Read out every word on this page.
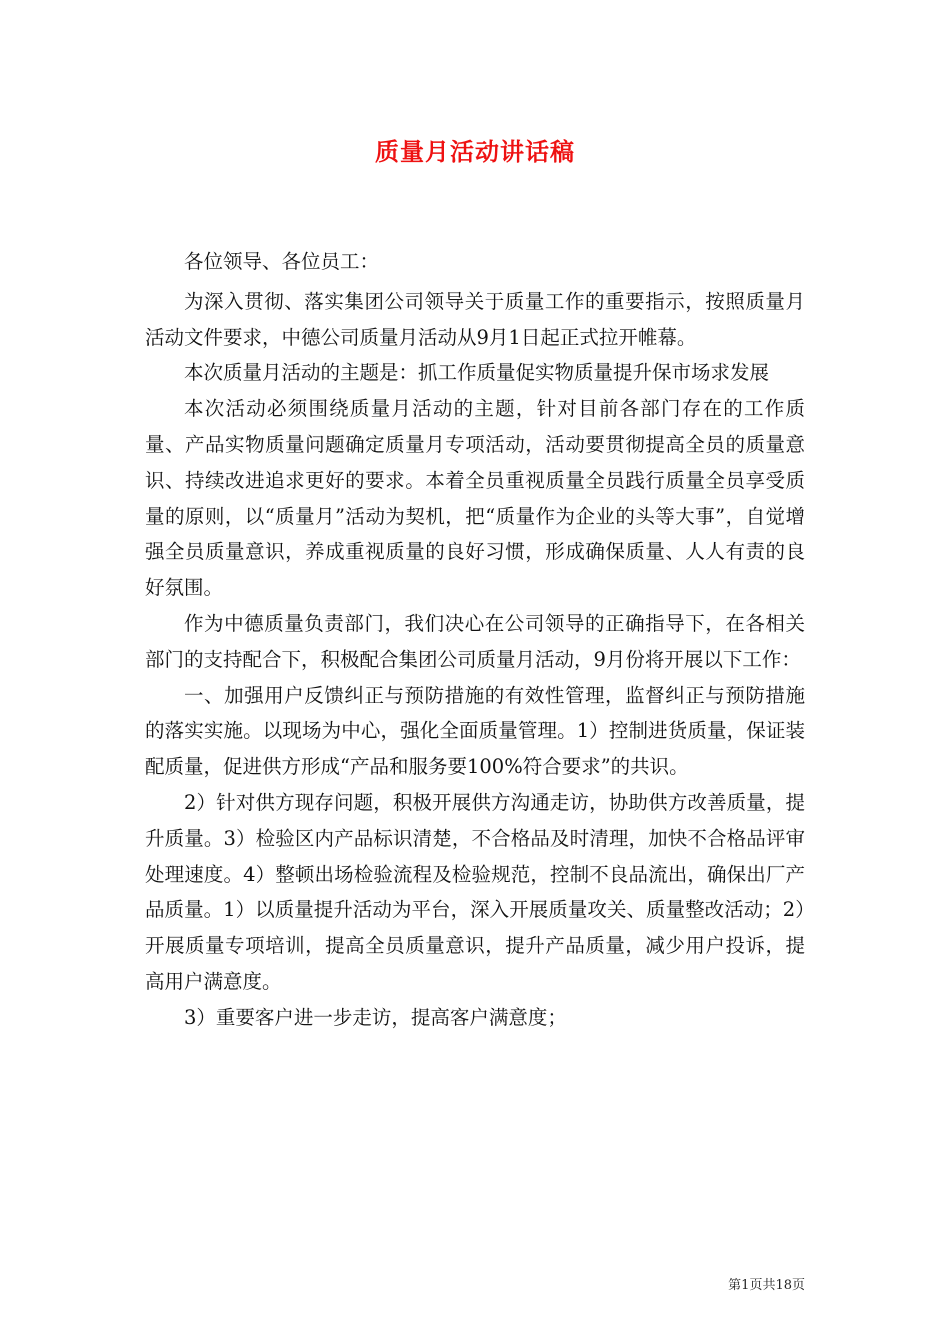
质量月活动讲话稿

各位领导、各位员工：

为深入贯彻、落实集团公司领导关于质量工作的重要指示，按照质量月活动文件要求，中德公司质量月活动从9月1日起正式拉开帷幕。

本次质量月活动的主题是：抓工作质量促实物质量提升保市场求发展

本次活动必须围绕质量月活动的主题，针对目前各部门存在的工作质量、产品实物质量问题确定质量月专项活动，活动要贯彻提高全员的质量意识、持续改进追求更好的要求。本着全员重视质量全员践行质量全员享受质量的原则，以“质量月”活动为契机，把“质量作为企业的头等大事”，自觉增强全员质量意识，养成重视质量的良好习惯，形成确保质量、人人有责的良好氛围。

作为中德质量负责部门，我们决心在公司领导的正确指导下，在各相关部门的支持配合下，积极配合集团公司质量月活动，9月份将开展以下工作：

一、加强用户反馈纠正与预防措施的有效性管理，监督纠正与预防措施的落实实施。以现场为中心，强化全面质量管理。1）控制进货质量，保证装配质量，促进供方形成“产品和服务要100%符合要求”的共识。

2）针对供方现存问题，积极开展供方沟通走访，协助供方改善质量，提升质量。3）检验区内产品标识清楚，不合格品及时清理，加快不合格品评审处理速度。4）整顿出场检验流程及检验规范，控制不良品流出，确保出厂产品质量。1）以质量提升活动为平台，深入开展质量攻关、质量整改活动；2）开展质量专项培训，提高全员质量意识，提升产品质量，减少用户投诉，提高用户满意度。

3）重要客户进一步走访，提高客户满意度；

第1页共18页
